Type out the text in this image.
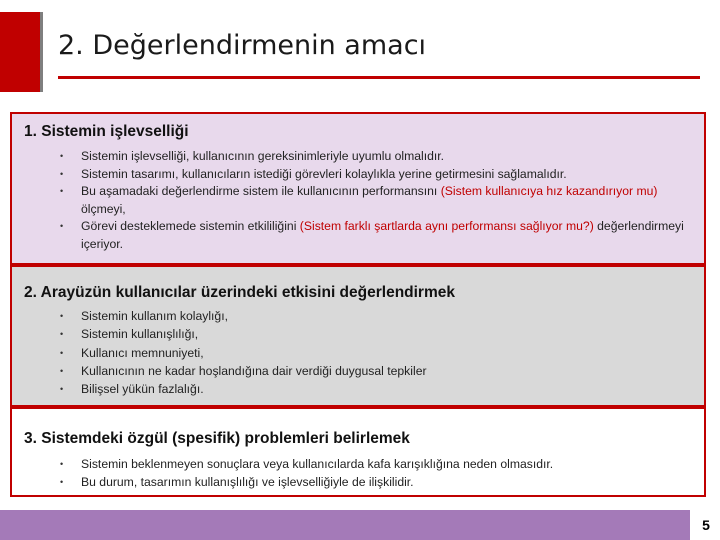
2. Değerlendirmenin amacı
1. Sistemin işlevselliği
• Sistemin işlevselliği, kullanıcının gereksinimleriyle uyumlu olmalıdır.
• Sistemin tasarımı, kullanıcıların istediği görevleri kolaylıkla yerine getirmesini sağlamalıdır.
• Bu aşamadaki değerlendirme sistem ile kullanıcının performansını (Sistem kullanıcıya hız kazandırıyor mu) ölçmeyi,
• Görevi desteklemede sistemin etkililiğini (Sistem farklı şartlarda aynı performansı sağlıyor mu?) değerlendirmeyi içeriyor.
2. Arayüzün kullanıcılar üzerindeki etkisini değerlendirmek
• Sistemin kullanım kolaylığı,
• Sistemin kullanışlılığı,
• Kullanıcı memnuniyeti,
• Kullanıcının ne kadar hoşlandığına dair verdiği duygusal tepkiler
• Bilişsel yükün fazlalığı.
3. Sistemdeki özgül (spesifik) problemleri belirlemek
• Sistemin beklenmeyen sonuçlara veya kullanıcılarda kafa karışıklığına neden olmasıdır.
• Bu durum, tasarımın kullanışlılığı ve işlevselliğiyle de ilişkilidir.
5
